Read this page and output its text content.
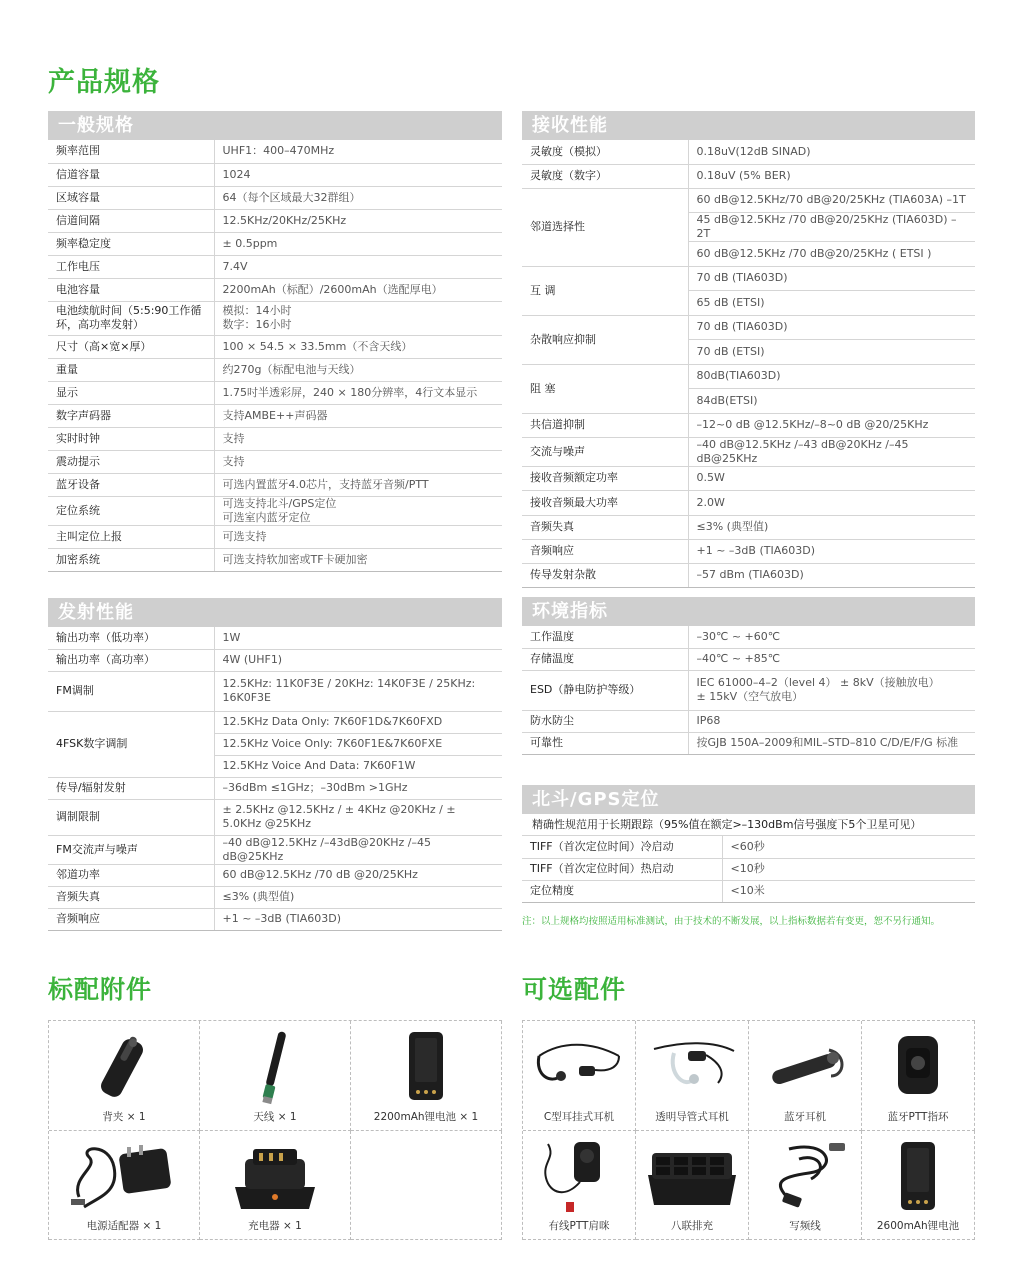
产品规格
一般规格
频率范围	UHF1：400–470MHz
信道容量	1024
区域容量	64（每个区域最大32群组）
信道间隔	12.5KHz/20KHz/25KHz
频率稳定度	± 0.5ppm
工作电压	7.4V
电池容量	2200mAh（标配）/2600mAh（选配厚电）
电池续航时间（5:5:90工作循环，高功率发射）	模拟：14小时
数字：16小时
尺寸（高×宽×厚）	100 × 54.5 × 33.5mm（不含天线）
重量	约270g（标配电池与天线）
显示	1.75吋半透彩屏，240 × 180分辨率，4行文本显示
数字声码器	支持AMBE++声码器
实时时钟	支持
震动提示	支持
蓝牙设备	可选内置蓝牙4.0芯片，支持蓝牙音频/PTT
定位系统	可选支持北斗/GPS定位
可选室内蓝牙定位
主叫定位上报	可选支持
加密系统	可选支持软加密或TF卡硬加密
发射性能
输出功率（低功率）	1W
输出功率（高功率）	4W (UHF1)
FM调制	12.5KHz: 11K0F3E / 20KHz: 14K0F3E / 25KHz: 16K0F3E
4FSK数字调制	12.5KHz Data Only: 7K60F1D&7K60FXD
	12.5KHz Voice Only: 7K60F1E&7K60FXE
	12.5KHz Voice And Data: 7K60F1W
传导/辐射发射	–36dBm ≤1GHz；–30dBm >1GHz
调制限制	± 2.5KHz @12.5KHz / ± 4KHz @20KHz / ± 5.0KHz @25KHz
FM交流声与噪声	–40 dB@12.5KHz /–43dB@20KHz /–45 dB@25KHz
邻道功率	60 dB@12.5KHz /70 dB @20/25KHz
音频失真	≤3% (典型值)
音频响应	+1 ~ –3dB (TIA603D)
接收性能
灵敏度（模拟）	0.18uV(12dB SINAD)
灵敏度（数字）	0.18uV (5% BER)
邻道选择性	60 dB@12.5KHz/70 dB@20/25KHz (TIA603A) –1T
	45 dB@12.5KHz /70 dB@20/25KHz (TIA603D) –2T
	60 dB@12.5KHz /70 dB@20/25KHz ( ETSI )
互 调	70 dB (TIA603D)
	65 dB (ETSI)
杂散响应抑制	70 dB (TIA603D)
	70 dB (ETSI)
阻 塞	80dB(TIA603D)
	84dB(ETSI)
共信道抑制	–12~0 dB @12.5KHz/–8~0 dB @20/25KHz
交流与噪声	–40 dB@12.5KHz /–43 dB@20KHz /–45 dB@25KHz
接收音频额定功率	0.5W
接收音频最大功率	2.0W
音频失真	≤3% (典型值)
音频响应	+1 ~ –3dB (TIA603D)
传导发射杂散	–57 dBm (TIA603D)
环境指标
工作温度	–30℃ ~ +60℃
存储温度	–40℃ ~ +85℃
ESD（静电防护等级）	IEC 61000–4–2（level 4） ± 8kV（接触放电）
± 15kV（空气放电）
防水防尘	IP68
可靠性	按GJB 150A–2009和MIL–STD–810 C/D/E/F/G 标准
北斗/GPS定位
精确性规范用于长期跟踪（95%值在额定>–130dBm信号强度下5个卫星可见）
TIFF（首次定位时间）冷启动	<60秒
TIFF（首次定位时间）热启动	<10秒
定位精度	<10米
注：以上规格均按照适用标准测试，由于技术的不断发展，以上指标数据若有变更，恕不另行通知。
标配附件	可选配件
背夹 × 1	天线 × 1	2200mAh锂电池 × 1
电源适配器 × 1	充电器 × 1
C型耳挂式耳机	透明导管式耳机	蓝牙耳机	蓝牙PTT指环
有线PTT肩咪	八联排充	写频线	2600mAh锂电池
